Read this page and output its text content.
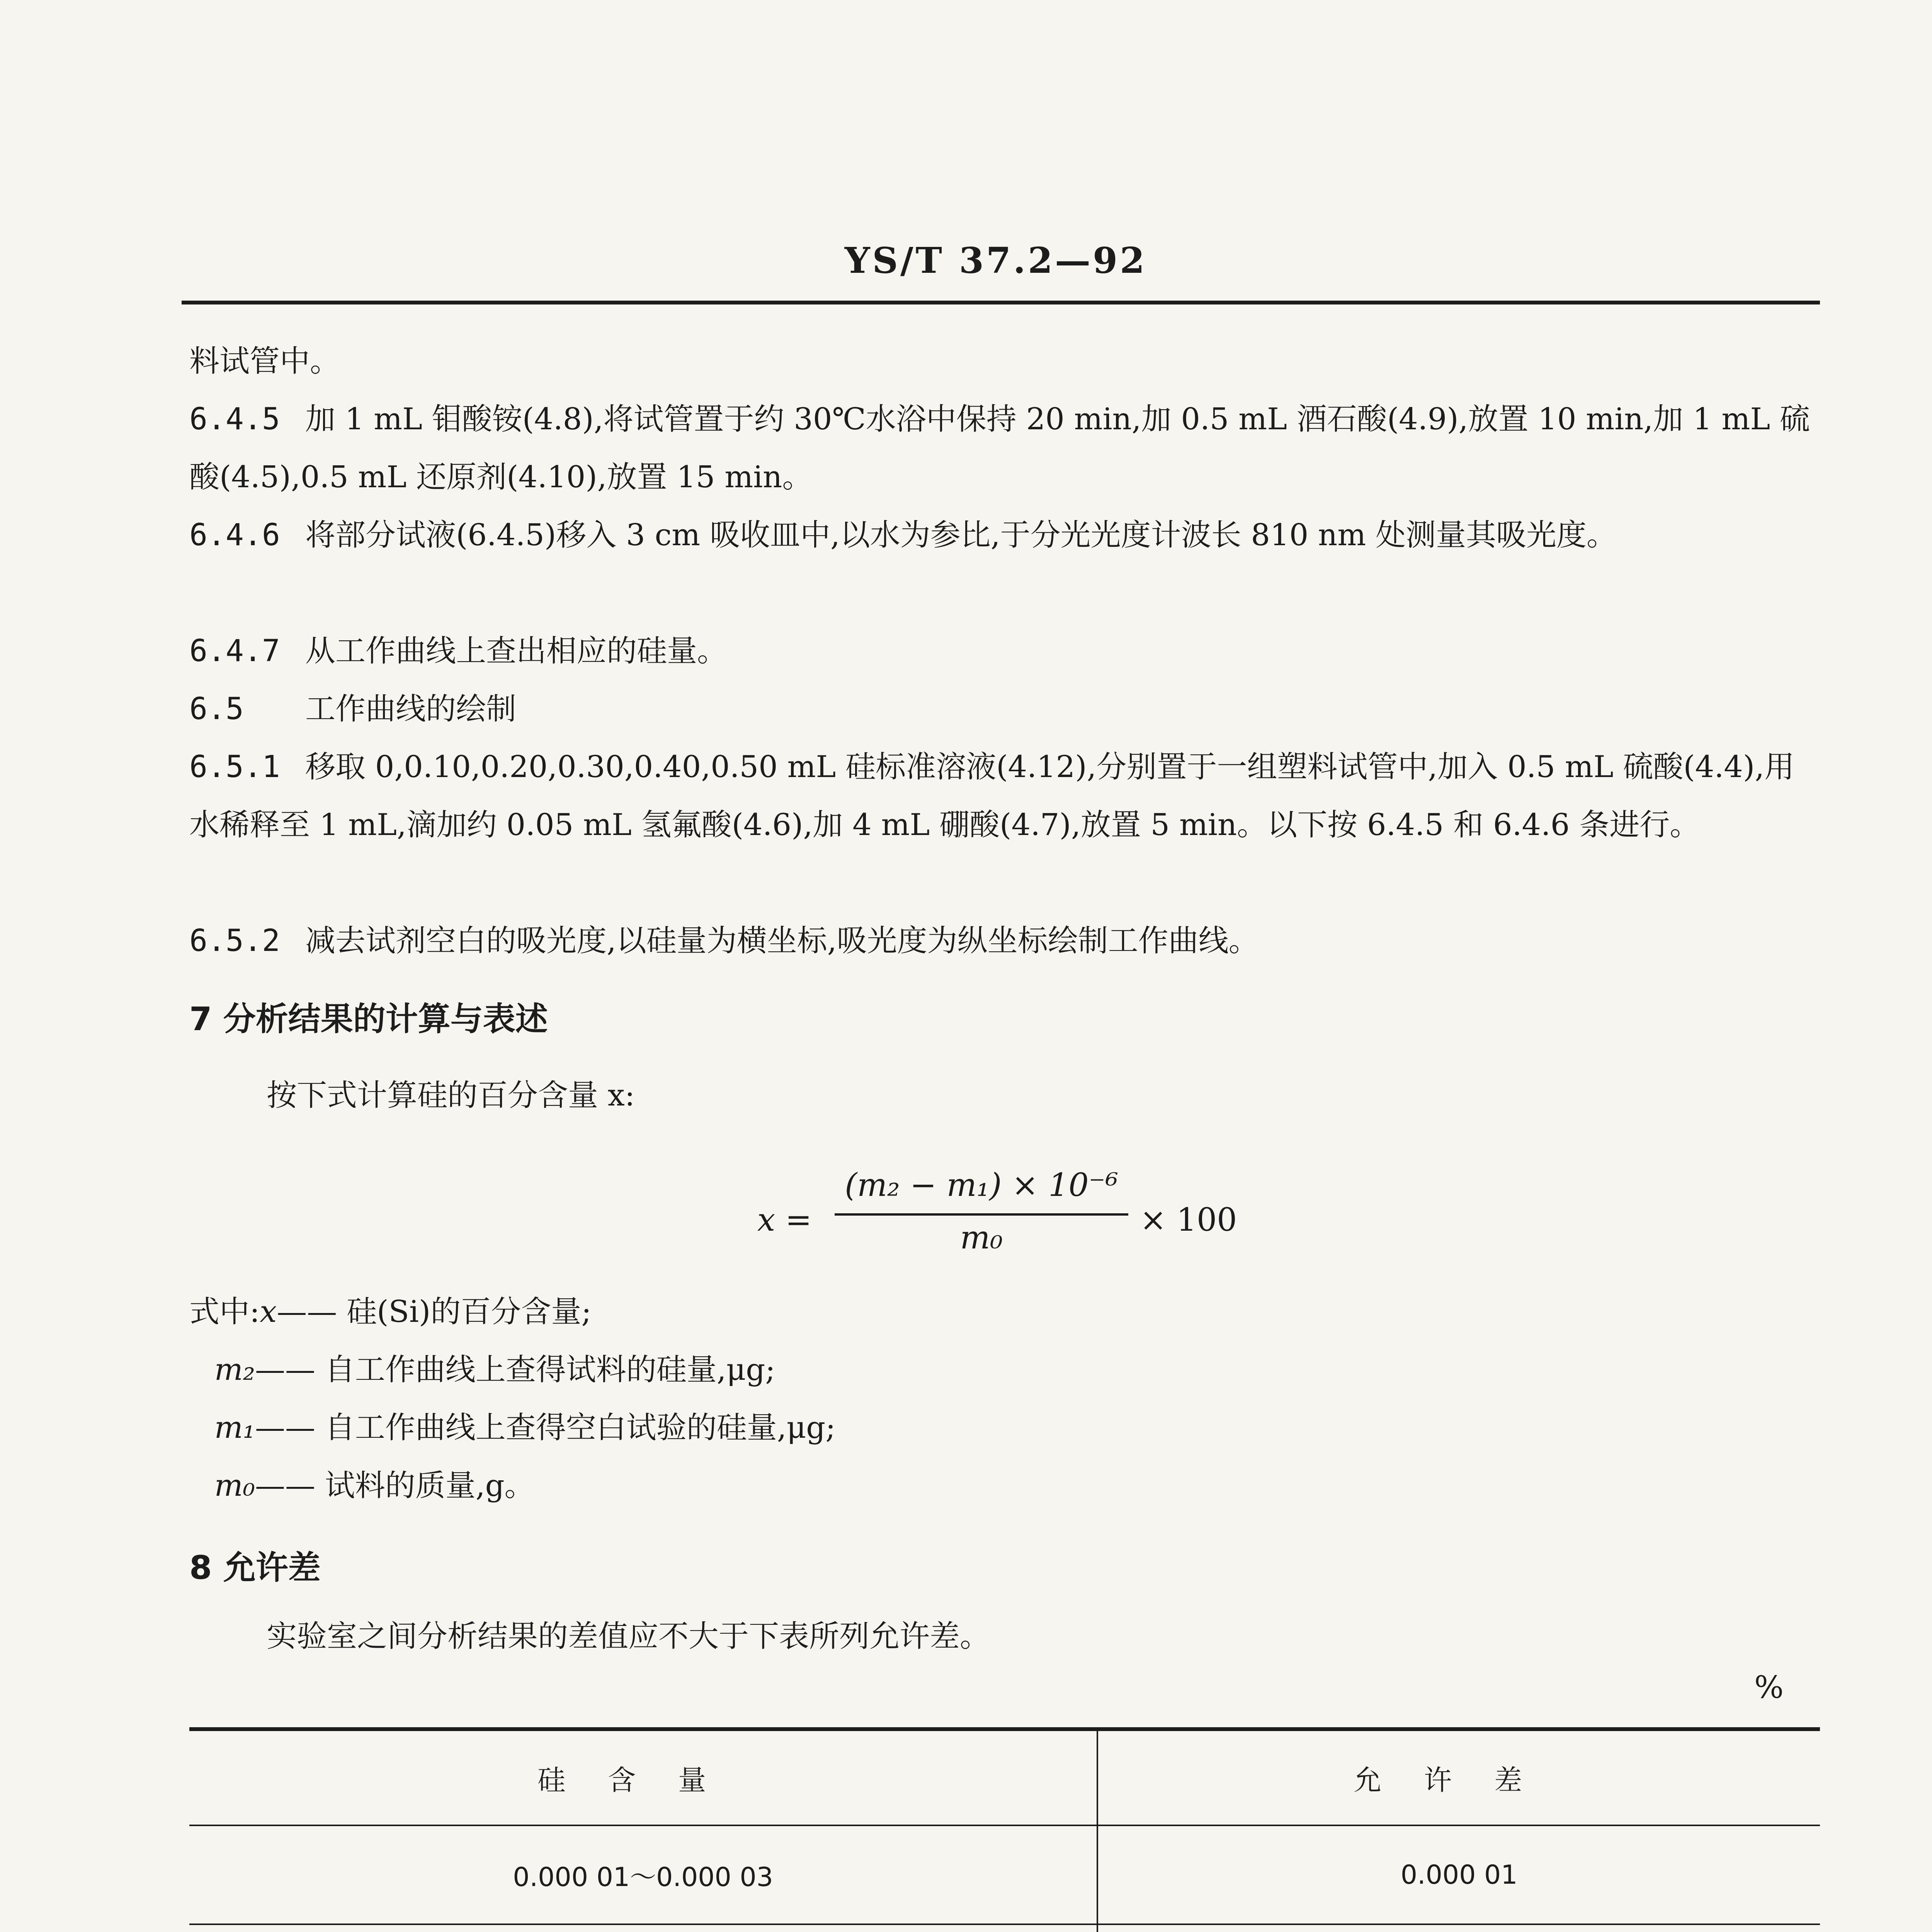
YS/T 37.2—92

料试管中。

6.4.5 加 1 mL 钼酸铵(4.8),将试管置于约 30℃水浴中保持 20 min,加 0.5 mL 酒石酸(4.9),放置 10 min,加 1 mL 硫酸(4.5),0.5 mL 还原剂(4.10),放置 15 min。

6.4.6 将部分试液(6.4.5)移入 3 cm 吸收皿中,以水为参比,于分光光度计波长 810 nm 处测量其吸光度。

6.4.7 从工作曲线上查出相应的硅量。

6.5 工作曲线的绘制

6.5.1 移取 0,0.10,0.20,0.30,0.40,0.50 mL 硅标准溶液(4.12),分别置于一组塑料试管中,加入 0.5 mL 硫酸(4.4),用水稀释至 1 mL,滴加约 0.05 mL 氢氟酸(4.6),加 4 mL 硼酸(4.7),放置 5 min。以下按 6.4.5 和 6.4.6 条进行。

6.5.2 减去试剂空白的吸光度,以硅量为横坐标,吸光度为纵坐标绘制工作曲线。

7 分析结果的计算与表述

按下式计算硅的百分含量 x:

x =
(m₂ − m₁) × 10⁻⁶
m₀	× 100
式中:x—— 硅(Si)的百分含量;
m₂—— 自工作曲线上查得试料的硅量,μg;
m₁—— 自工作曲线上查得空白试验的硅量,μg;
m₀—— 试料的质量,g。
8 允许差

实验室之间分析结果的差值应不大于下表所列允许差。

%
硅含量	允许差
0.000 01～0.000 03	0.000 01
